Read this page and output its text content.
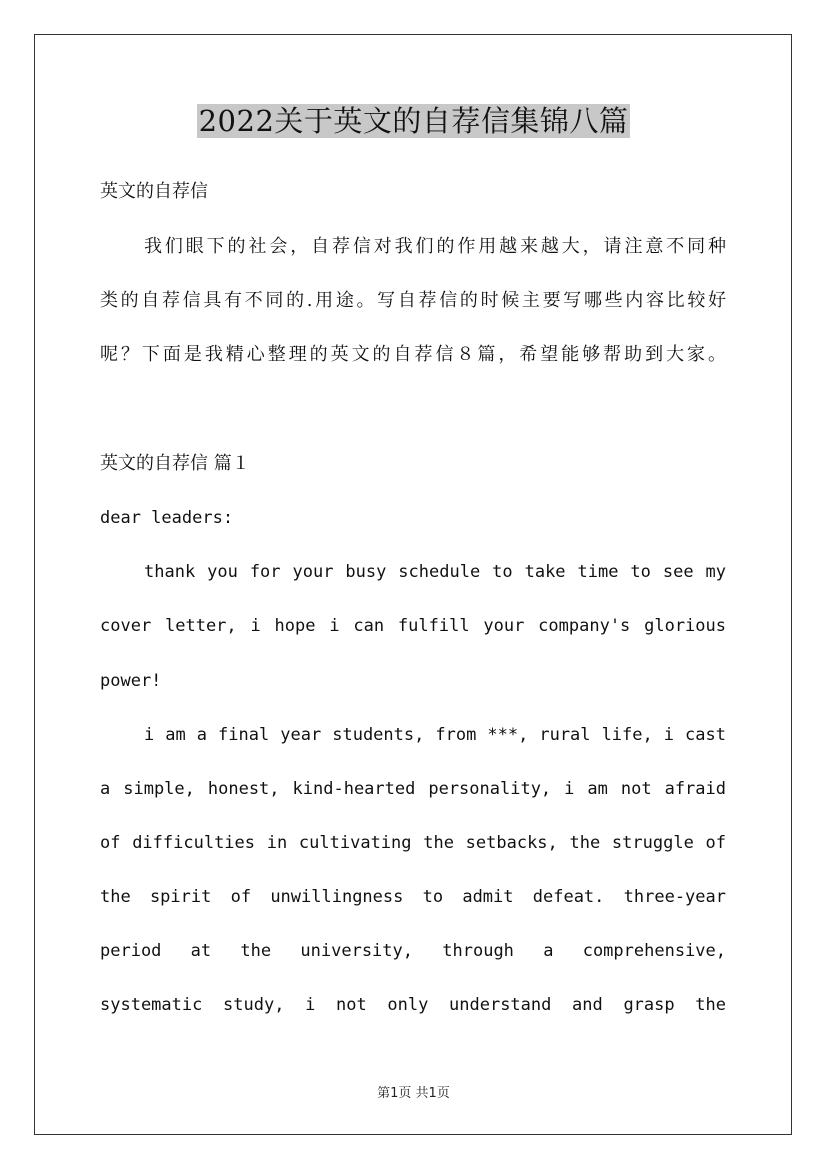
2022关于英文的自荐信集锦八篇
英文的自荐信
我们眼下的社会，自荐信对我们的作用越来越大，请注意不同种
类的自荐信具有不同的.用途。写自荐信的时候主要写哪些内容比较好
呢？下面是我精心整理的英文的自荐信８篇，希望能够帮助到大家。
英文的自荐信 篇１
dear leaders:
thank you for your busy schedule to take time to see my
cover letter, i hope i can fulfill your company's glorious
power!
i am a final year students, from ***, rural life, i cast
a simple, honest, kind-hearted personality, i am not afraid
of difficulties in cultivating the setbacks, the struggle of
the spirit of unwillingness to admit defeat. three-year
period at the university, through a comprehensive,
systematic study, i not only understand and grasp the
第1页 共1页
